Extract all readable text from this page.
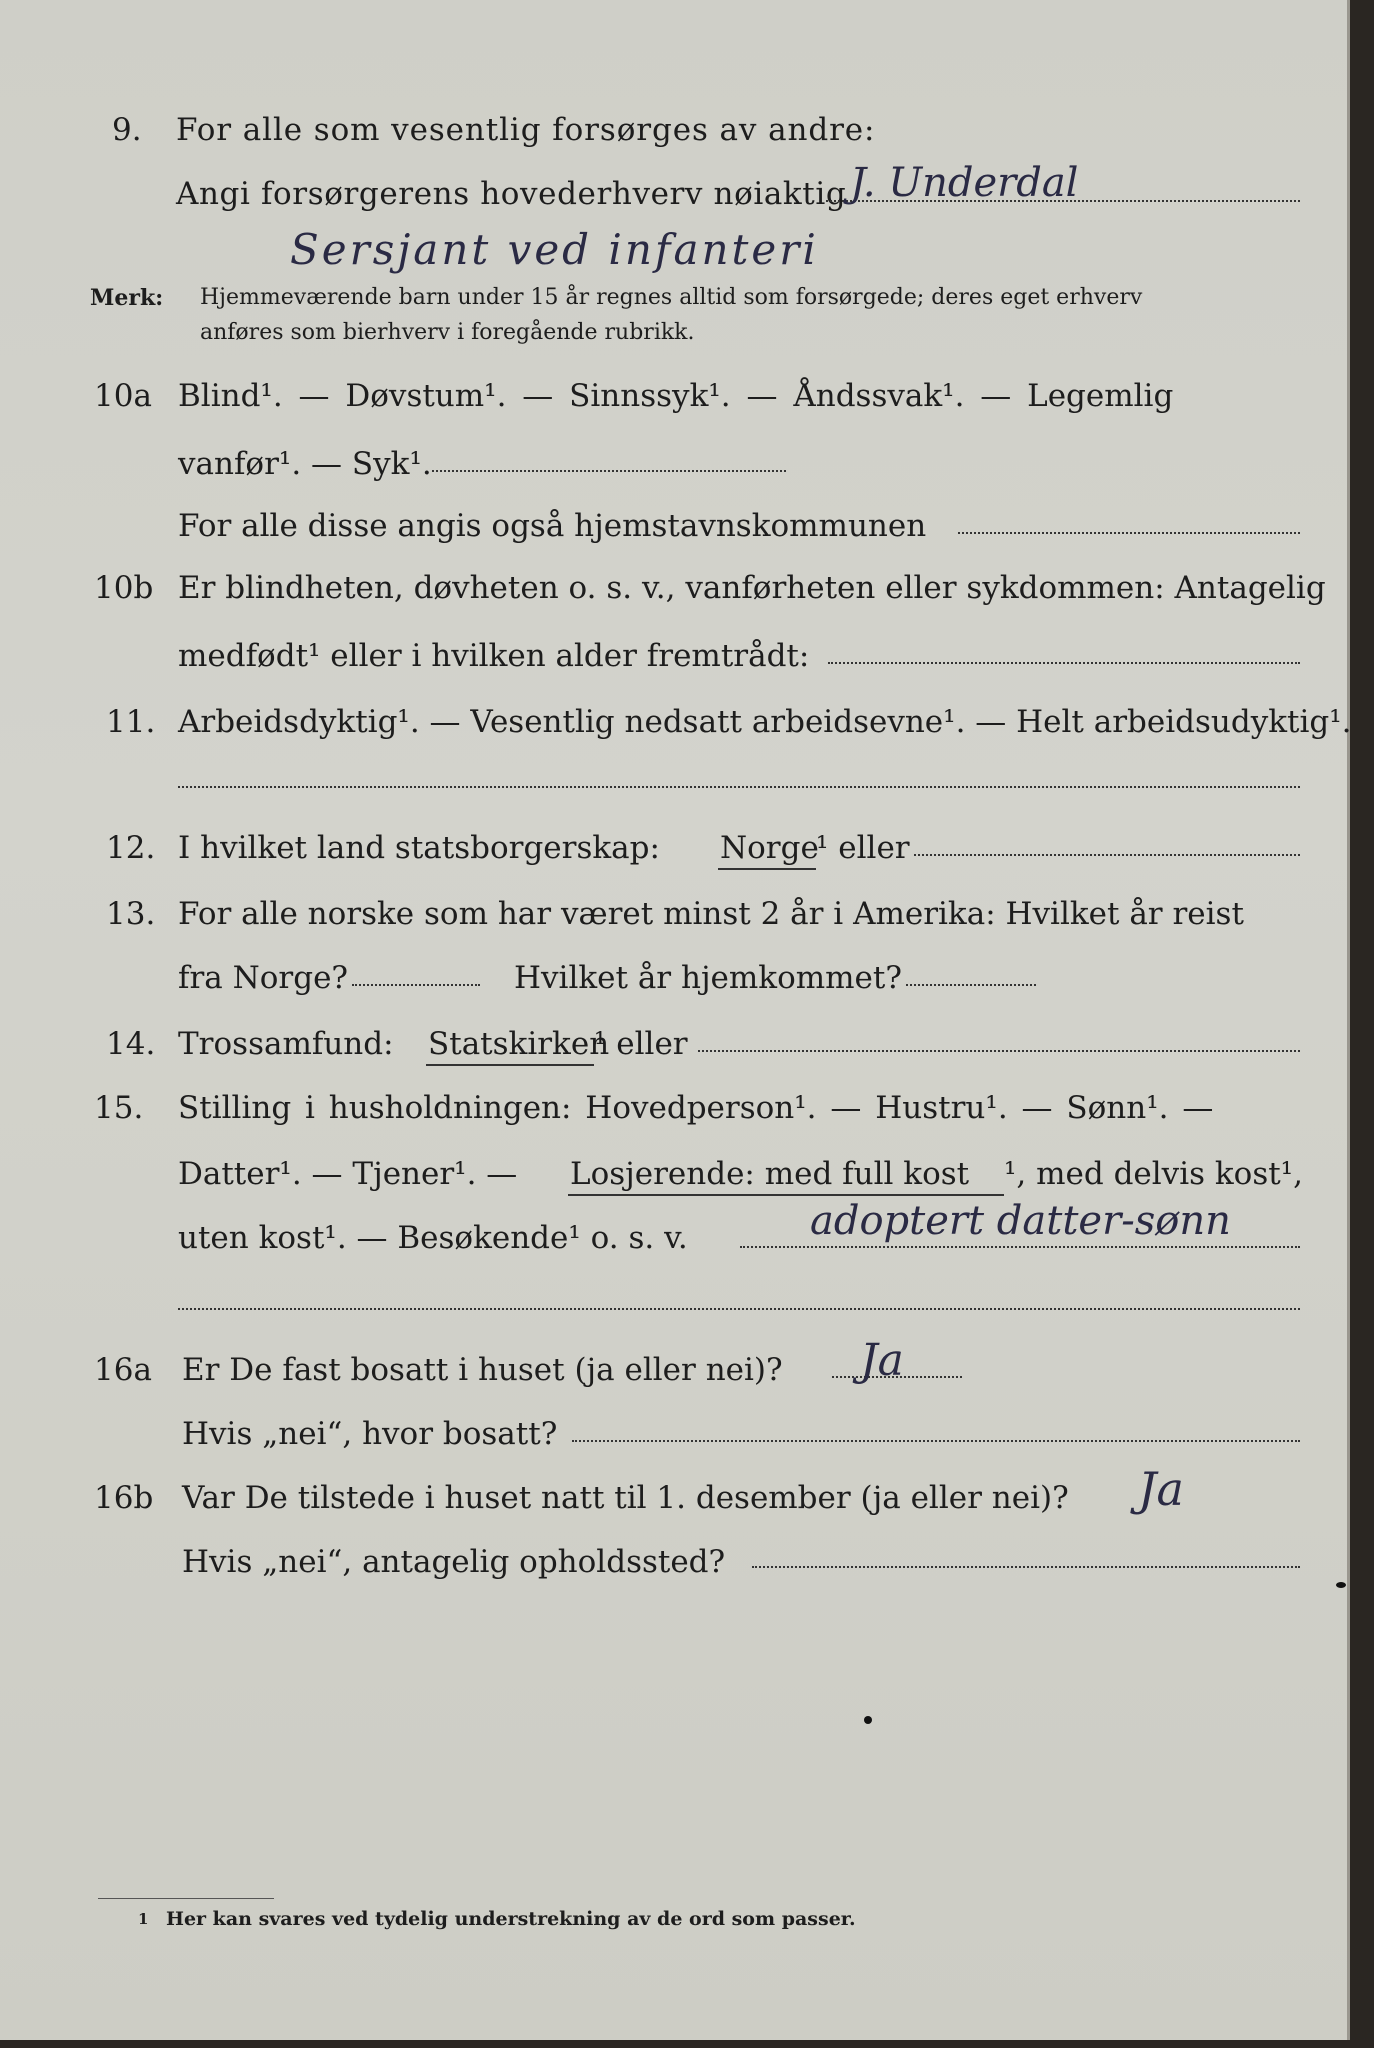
9. For alle som vesentlig forsørges av andre:
Angi forsørgerens hovederhverv nøiaktig J. Underdal
Sersjant ved infanteri
Merk: Hjemmeværende barn under 15 år regnes alltid som forsørgede; deres eget erhverv
anføres som bierhverv i foregående rubrikk.
10a Blind¹. — Døvstum¹. — Sinnssyk¹. — Åndssvak¹. — Legemlig
vanfør¹. — Syk¹.
For alle disse angis også hjemstavnskommunen
10b Er blindheten, døvheten o. s. v., vanførheten eller sykdommen: Antagelig
medfødt¹ eller i hvilken alder fremtrådt:
11. Arbeidsdyktig¹. — Vesentlig nedsatt arbeidsevne¹. — Helt arbeidsudyktig¹.
12. I hvilket land statsborgerskap: Norge
¹ eller
13. For alle norske som har været minst 2 år i Amerika: Hvilket år reist
fra Norge?	Hvilket år hjemkommet?
14. Trossamfund: Statskirken
¹ eller
15. Stilling i husholdningen: Hovedperson¹. — Hustru¹. — Sønn¹. —
Datter¹. — Tjener¹. — Losjerende: med full kost ¹, med delvis kost¹,
uten kost¹. — Besøkende¹ o. s. v.	adoptert datter-sønn
16a Er De fast bosatt i huset (ja eller nei)? Ja
Hvis „nei“, hvor bosatt?
16b Var De tilstede i huset natt til 1. desember (ja eller nei)? Ja
Hvis „nei“, antagelig opholdssted?
1 Her kan svares ved tydelig understrekning av de ord som passer.
